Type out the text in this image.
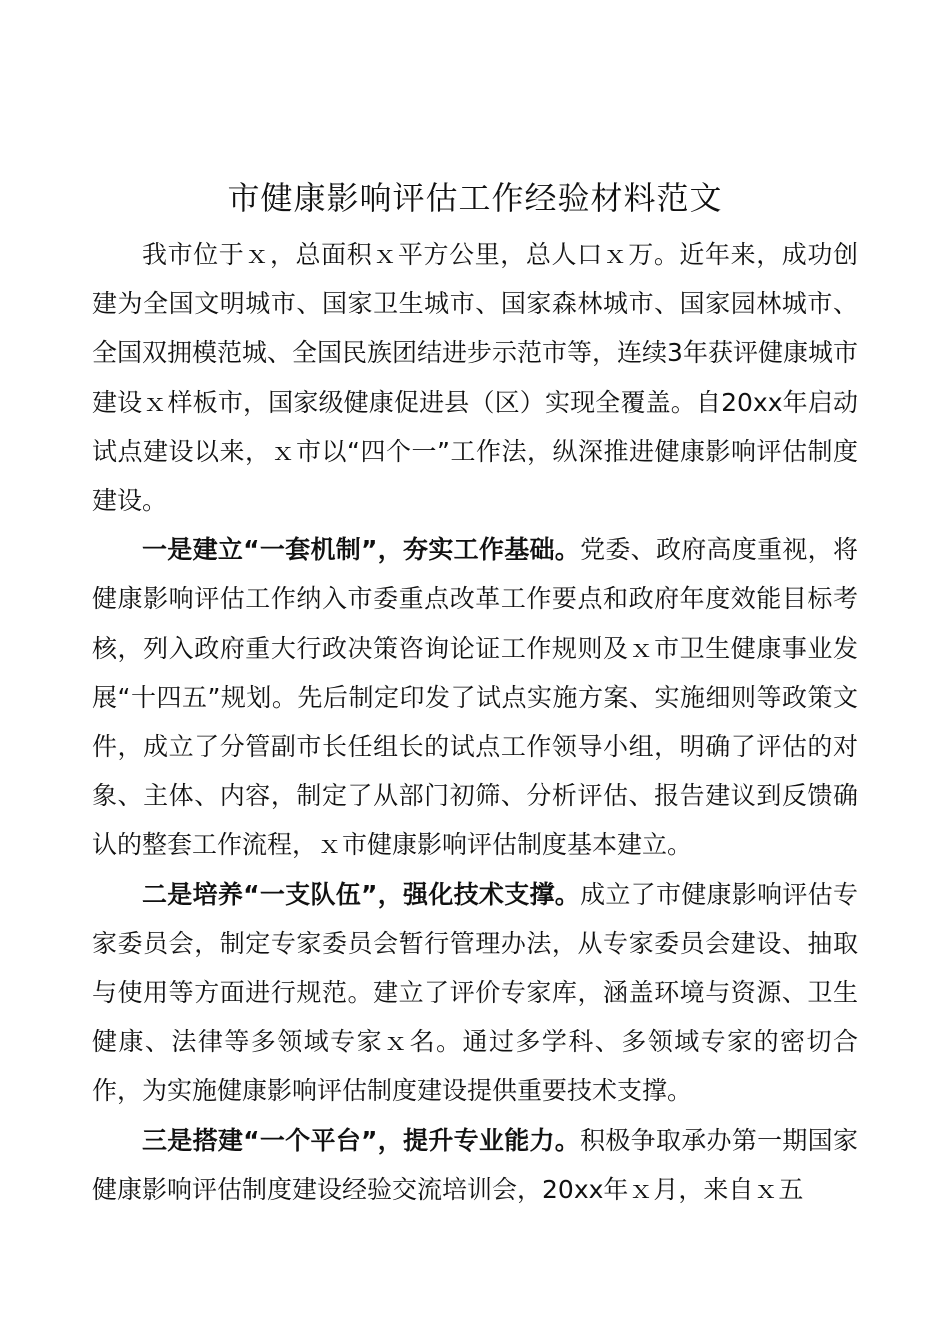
市健康影响评估工作经验材料范文

我市位于ｘ，总面积ｘ平方公里，总人口ｘ万。近年来，成功创建为全国文明城市、国家卫生城市、国家森林城市、国家园林城市、全国双拥模范城、全国民族团结进步示范市等，连续3年获评健康城市建设ｘ样板市，国家级健康促进县（区）实现全覆盖。自20xx年启动试点建设以来，ｘ市以“四个一”工作法，纵深推进健康影响评估制度建设。

一是建立“一套机制”，夯实工作基础。党委、政府高度重视，将健康影响评估工作纳入市委重点改革工作要点和政府年度效能目标考核，列入政府重大行政决策咨询论证工作规则及ｘ市卫生健康事业发展“十四五”规划。先后制定印发了试点实施方案、实施细则等政策文件，成立了分管副市长任组长的试点工作领导小组，明确了评估的对象、主体、内容，制定了从部门初筛、分析评估、报告建议到反馈确认的整套工作流程，ｘ市健康影响评估制度基本建立。

二是培养“一支队伍”，强化技术支撑。成立了市健康影响评估专家委员会，制定专家委员会暂行管理办法，从专家委员会建设、抽取与使用等方面进行规范。建立了评价专家库，涵盖环境与资源、卫生健康、法律等多领域专家ｘ名。通过多学科、多领域专家的密切合作，为实施健康影响评估制度建设提供重要技术支撑。

三是搭建“一个平台”，提升专业能力。积极争取承办第一期国家健康影响评估制度建设经验交流培训会，20xx年ｘ月，来自ｘ五
